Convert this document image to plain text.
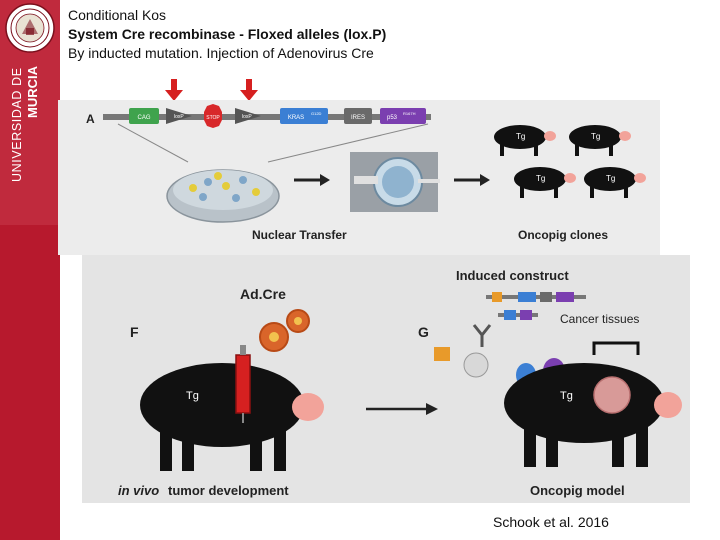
UNIVERSIDAD DE MURCIA
Conditional Kos
System Cre recombinase - Floxed alleles (lox.P)
By inducted mutation. Injection of Adenovirus Cre
A	CAG	loxP	STOP	loxP	KRAS
G12D
IRES	p53
R167H
Tg	Tg
Tg	Tg
Nuclear Transfer	Oncopig clones
F
Ad.Cre
Tg
in vivo tumor development
G
Induced construct
Cancer tissues
Tg
Oncopig model
Schook et al. 2016
